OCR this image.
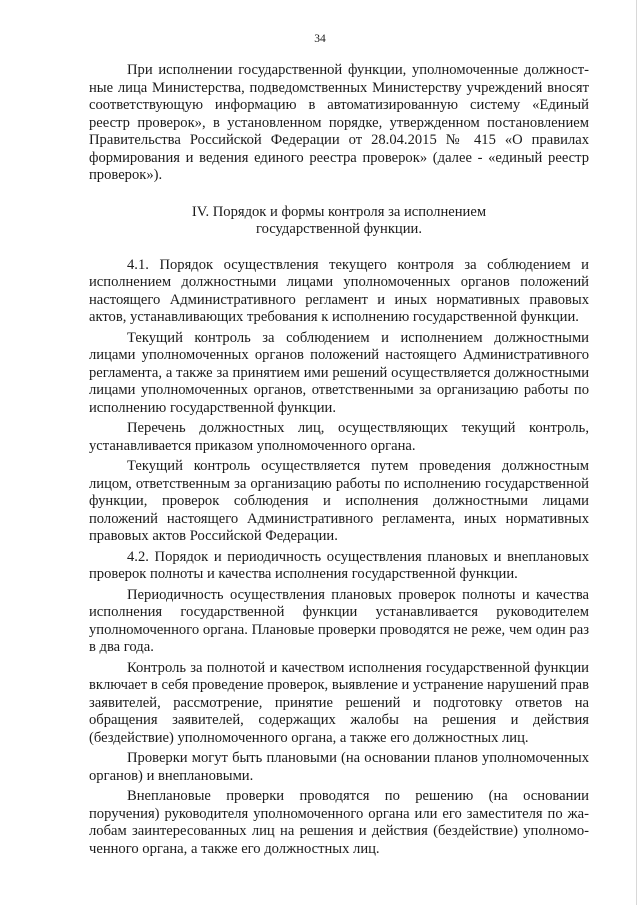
34

При исполнении государственной функции, уполномоченные должностные лица Министерства, подведомственных Министерству учреждений вносят соответствующую информацию в автоматизированную систему «Единый реестр проверок», в установленном порядке, утвержденном постановлением Правительства Российской Федерации от 28.04.2015 № 415 «О правилах формирования и ведения единого реестра проверок» (далее - «единый реестр проверок»).

IV. Порядок и формы контроля за исполнением
государственной функции.

4.1. Порядок осуществления текущего контроля за соблюдением и исполнением должностными лицами уполномоченных органов положений настоящего Административного регламент и иных нормативных правовых актов, устанавливающих требования к исполнению государственной функции.

Текущий контроль за соблюдением и исполнением должностными лицами уполномоченных органов положений настоящего Административного регламента, а также за принятием ими решений осуществляется должностными лицами уполномоченных органов, ответственными за организацию работы по исполнению государственной функции.

Перечень должностных лиц, осуществляющих текущий контроль, устанавливается приказом уполномоченного органа.

Текущий контроль осуществляется путем проведения должностным лицом, ответственным за организацию работы по исполнению государственной функции, проверок соблюдения и исполнения должностными лицами положений настоящего Административного регламента, иных нормативных правовых актов Российской Федерации.

4.2. Порядок и периодичность осуществления плановых и внеплановых проверок полноты и качества исполнения государственной функции.

Периодичность осуществления плановых проверок полноты и качества исполнения государственной функции устанавливается руководителем уполномоченного органа. Плановые проверки проводятся не реже, чем один раз в два года.

Контроль за полнотой и качеством исполнения государственной функции включает в себя проведение проверок, выявление и устранение нарушений прав заявителей, рассмотрение, принятие решений и подготовку ответов на обращения заявителей, содержащих жалобы на решения и действия (бездействие) уполномоченного органа, а также его должностных лиц.

Проверки могут быть плановыми (на основании планов уполномоченных органов) и внеплановыми.

Внеплановые проверки проводятся по решению (на основании поручения) руководителя уполномоченного органа или его заместителя по жалобам заинтересованных лиц на решения и действия (бездействие) уполномоченного органа, а также его должностных лиц.
